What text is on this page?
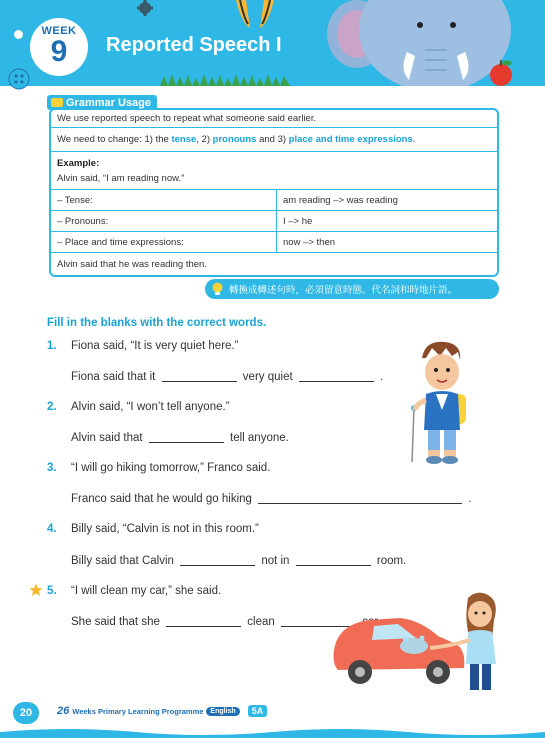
WEEK
9	Reported Speech I
We use reported speech to repeat what someone said earlier.
We need to change: 1) the tense , 2) pronouns and 3) place and time expressions .
Example:
Alvin said, “I am reading now.”
– Tense:	am reading –> was reading
– Pronouns:	I –> he
– Place and time expressions:	now –> then
Alvin said that he was reading then.
Grammar Usage
轉換成轉述句時，必須留意時態、代名詞和時地片語。
Fill in the blanks with the correct words.
1. Fiona said, “It is very quiet here.”
Fiona said that it	very quiet	.
2. Alvin said, “I won’t tell anyone.”
Alvin said that	tell anyone.
3. “I will go hiking tomorrow,” Franco said.
Franco said that he would go hiking	.
4. Billy said, “Calvin is not in this room.”
Billy said that Calvin	not in	room.
5. “I will clean my car,” she said.
She said that she	clean
20	26 Weeks Primary Learning Programme	English	5A
